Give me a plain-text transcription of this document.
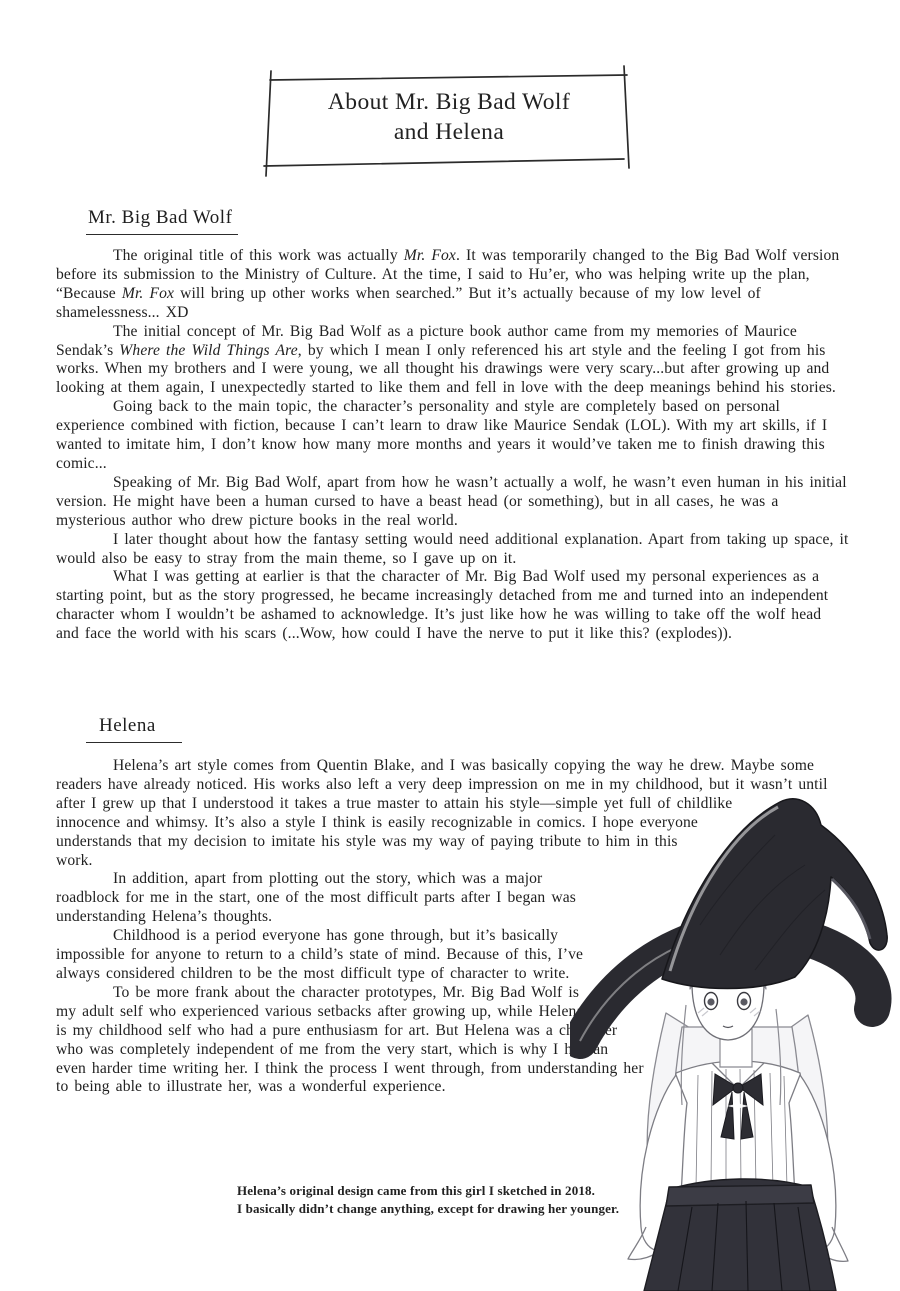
About Mr. Big Bad Wolf
and Helena
Mr. Big Bad Wolf

The original title of this work was actually Mr. Fox. It was temporarily changed to the Big Bad Wolf version before its submission to the Ministry of Culture. At the time, I said to Hu’er, who was helping write up the plan, “Because Mr. Fox will bring up other works when searched.” But it’s actually because of my low level of shamelessness... XD

The initial concept of Mr. Big Bad Wolf as a picture book author came from my memories of Maurice Sendak’s Where the Wild Things Are, by which I mean I only referenced his art style and the feeling I got from his works. When my brothers and I were young, we all thought his drawings were very scary...but after growing up and looking at them again, I unexpectedly started to like them and fell in love with the deep meanings behind his stories.

Going back to the main topic, the character’s personality and style are completely based on personal experience combined with fiction, because I can’t learn to draw like Maurice Sendak (LOL). With my art skills, if I wanted to imitate him, I don’t know how many more months and years it would’ve taken me to finish drawing this comic...

Speaking of Mr. Big Bad Wolf, apart from how he wasn’t actually a wolf, he wasn’t even human in his initial version. He might have been a human cursed to have a beast head (or something), but in all cases, he was a mysterious author who drew picture books in the real world.

I later thought about how the fantasy setting would need additional explanation. Apart from taking up space, it would also be easy to stray from the main theme, so I gave up on it.

What I was getting at earlier is that the character of Mr. Big Bad Wolf used my personal experiences as a starting point, but as the story progressed, he became increasingly detached from me and turned into an independent character whom I wouldn’t be ashamed to acknowledge. It’s just like how he was willing to take off the wolf head and face the world with his scars (...Wow, how could I have the nerve to put it like this? (explodes)).

Helena

Helena’s art style comes from Quentin Blake, and I was basically copying the way he drew. Maybe some readers have already noticed. His works also left a very deep impression on me in my childhood, but it wasn’t until after I grew up that I understood it takes a true master to attain his style—simple yet full of childlike innocence and whimsy. It’s also a style I think is easily recognizable in comics. I hope everyone understands that my decision to imitate his style was my way of paying tribute to him in this work.

In addition, apart from plotting out the story, which was a major roadblock for me in the start, one of the most difficult parts after I began was understanding Helena’s thoughts.

Childhood is a period everyone has gone through, but it’s basically impossible for anyone to return to a child’s state of mind. Because of this, I’ve always considered children to be the most difficult type of character to write.

To be more frank about the character prototypes, Mr. Big Bad Wolf is my adult self who experienced various setbacks after growing up, while Helena is my childhood self who had a pure enthusiasm for art. But Helena was a character who was completely independent of me from the very start, which is why I had an even harder time writing her. I think the process I went through, from understanding her to being able to illustrate her, was a wonderful experience.

Helena’s original design came from this girl I sketched in 2018.
I basically didn’t change anything, except for drawing her younger.
